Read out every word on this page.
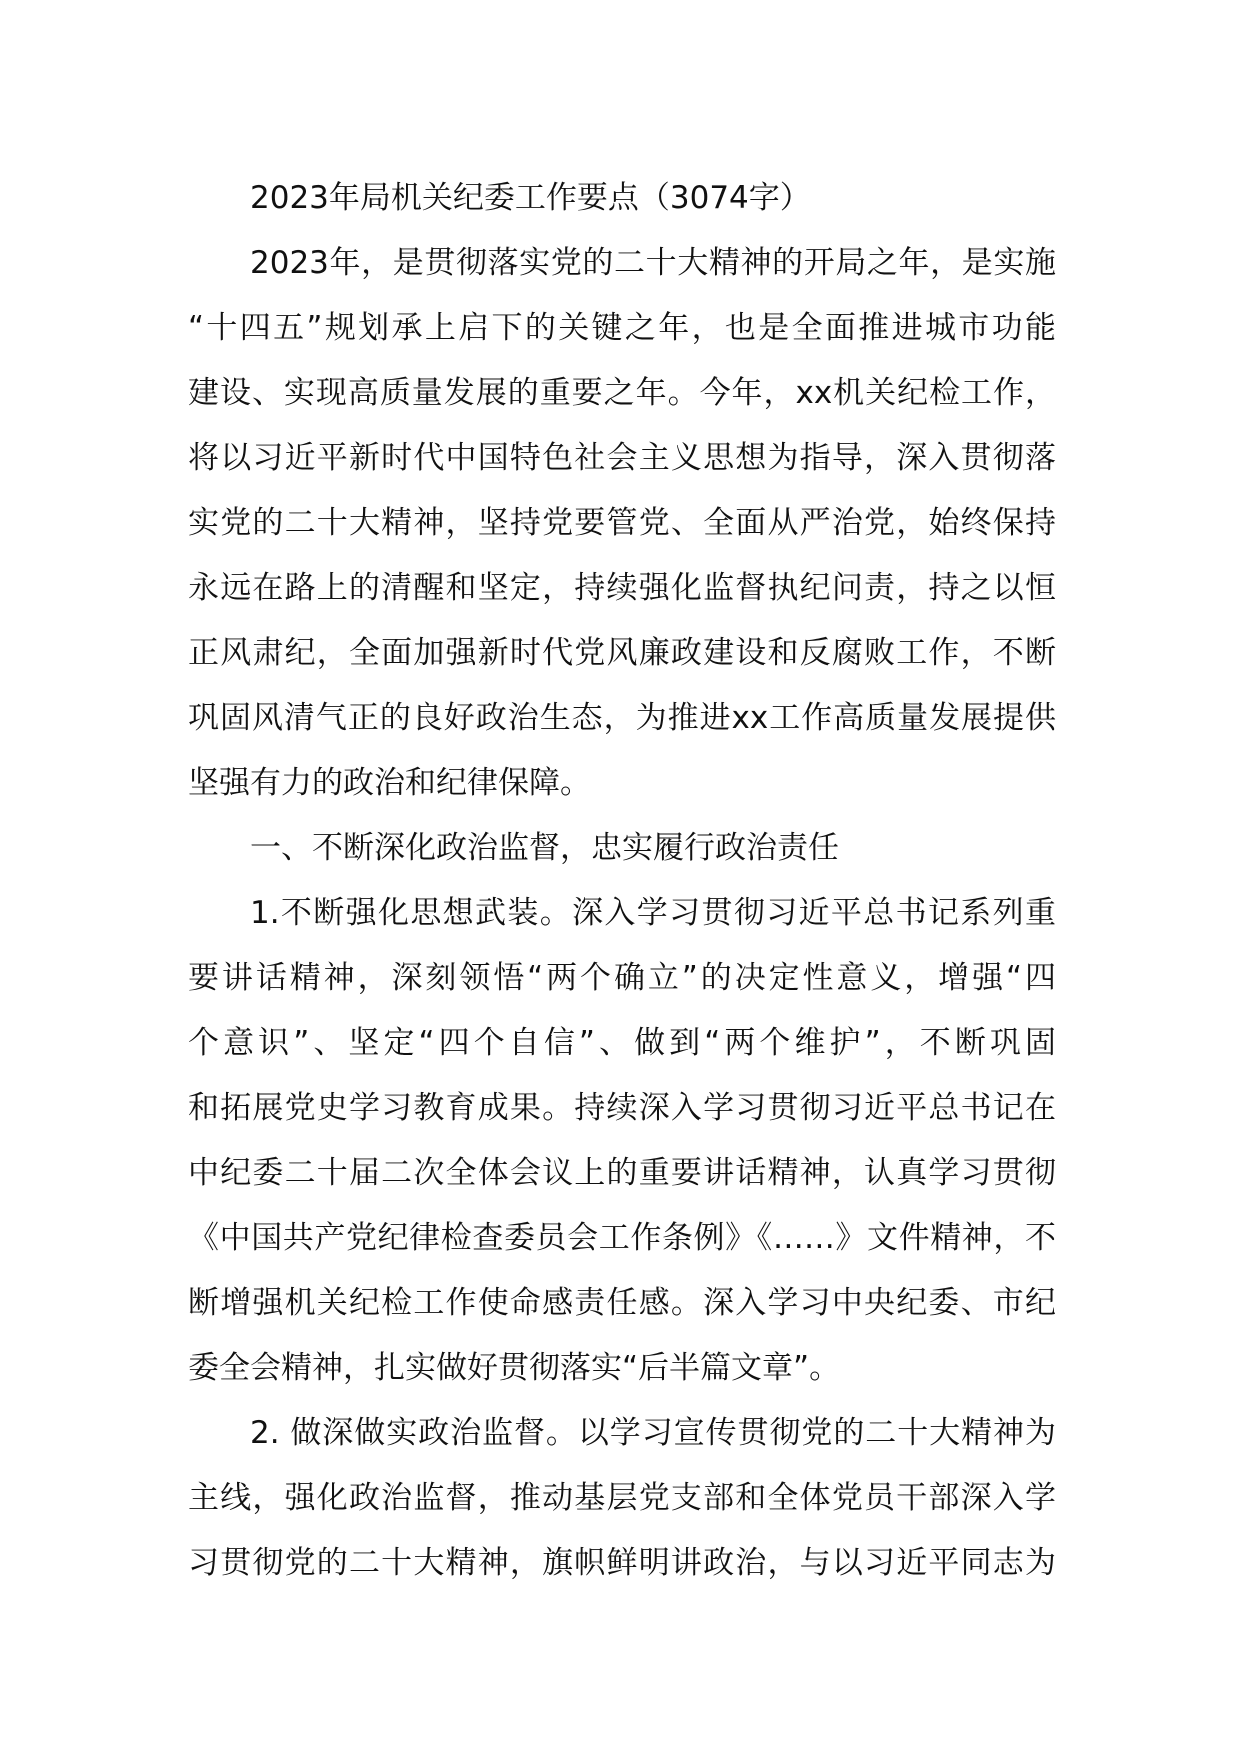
2023年局机关纪委工作要点（3074字）
2023年，是贯彻落实党的二十大精神的开局之年，是实施
“十四五”规划承上启下的关键之年，也是全面推进城市功能
建设、实现高质量发展的重要之年。今年，xx机关纪检工作，
将以习近平新时代中国特色社会主义思想为指导，深入贯彻落
实党的二十大精神，坚持党要管党、全面从严治党，始终保持
永远在路上的清醒和坚定，持续强化监督执纪问责，持之以恒
正风肃纪，全面加强新时代党风廉政建设和反腐败工作，不断
巩固风清气正的良好政治生态，为推进xx工作高质量发展提供
坚强有力的政治和纪律保障。
一、不断深化政治监督，忠实履行政治责任
1.不断强化思想武装。深入学习贯彻习近平总书记系列重
要讲话精神，深刻领悟“两个确立”的决定性意义，增强“四
个意识”、坚定“四个自信”、做到“两个维护”，不断巩固
和拓展党史学习教育成果。持续深入学习贯彻习近平总书记在
中纪委二十届二次全体会议上的重要讲话精神，认真学习贯彻
《中国共产党纪律检查委员会工作条例》《……》文件精神，不
断增强机关纪检工作使命感责任感。深入学习中央纪委、市纪
委全会精神，扎实做好贯彻落实“后半篇文章”。
2. 做深做实政治监督。以学习宣传贯彻党的二十大精神为
主线，强化政治监督，推动基层党支部和全体党员干部深入学
习贯彻党的二十大精神，旗帜鲜明讲政治，与以习近平同志为
